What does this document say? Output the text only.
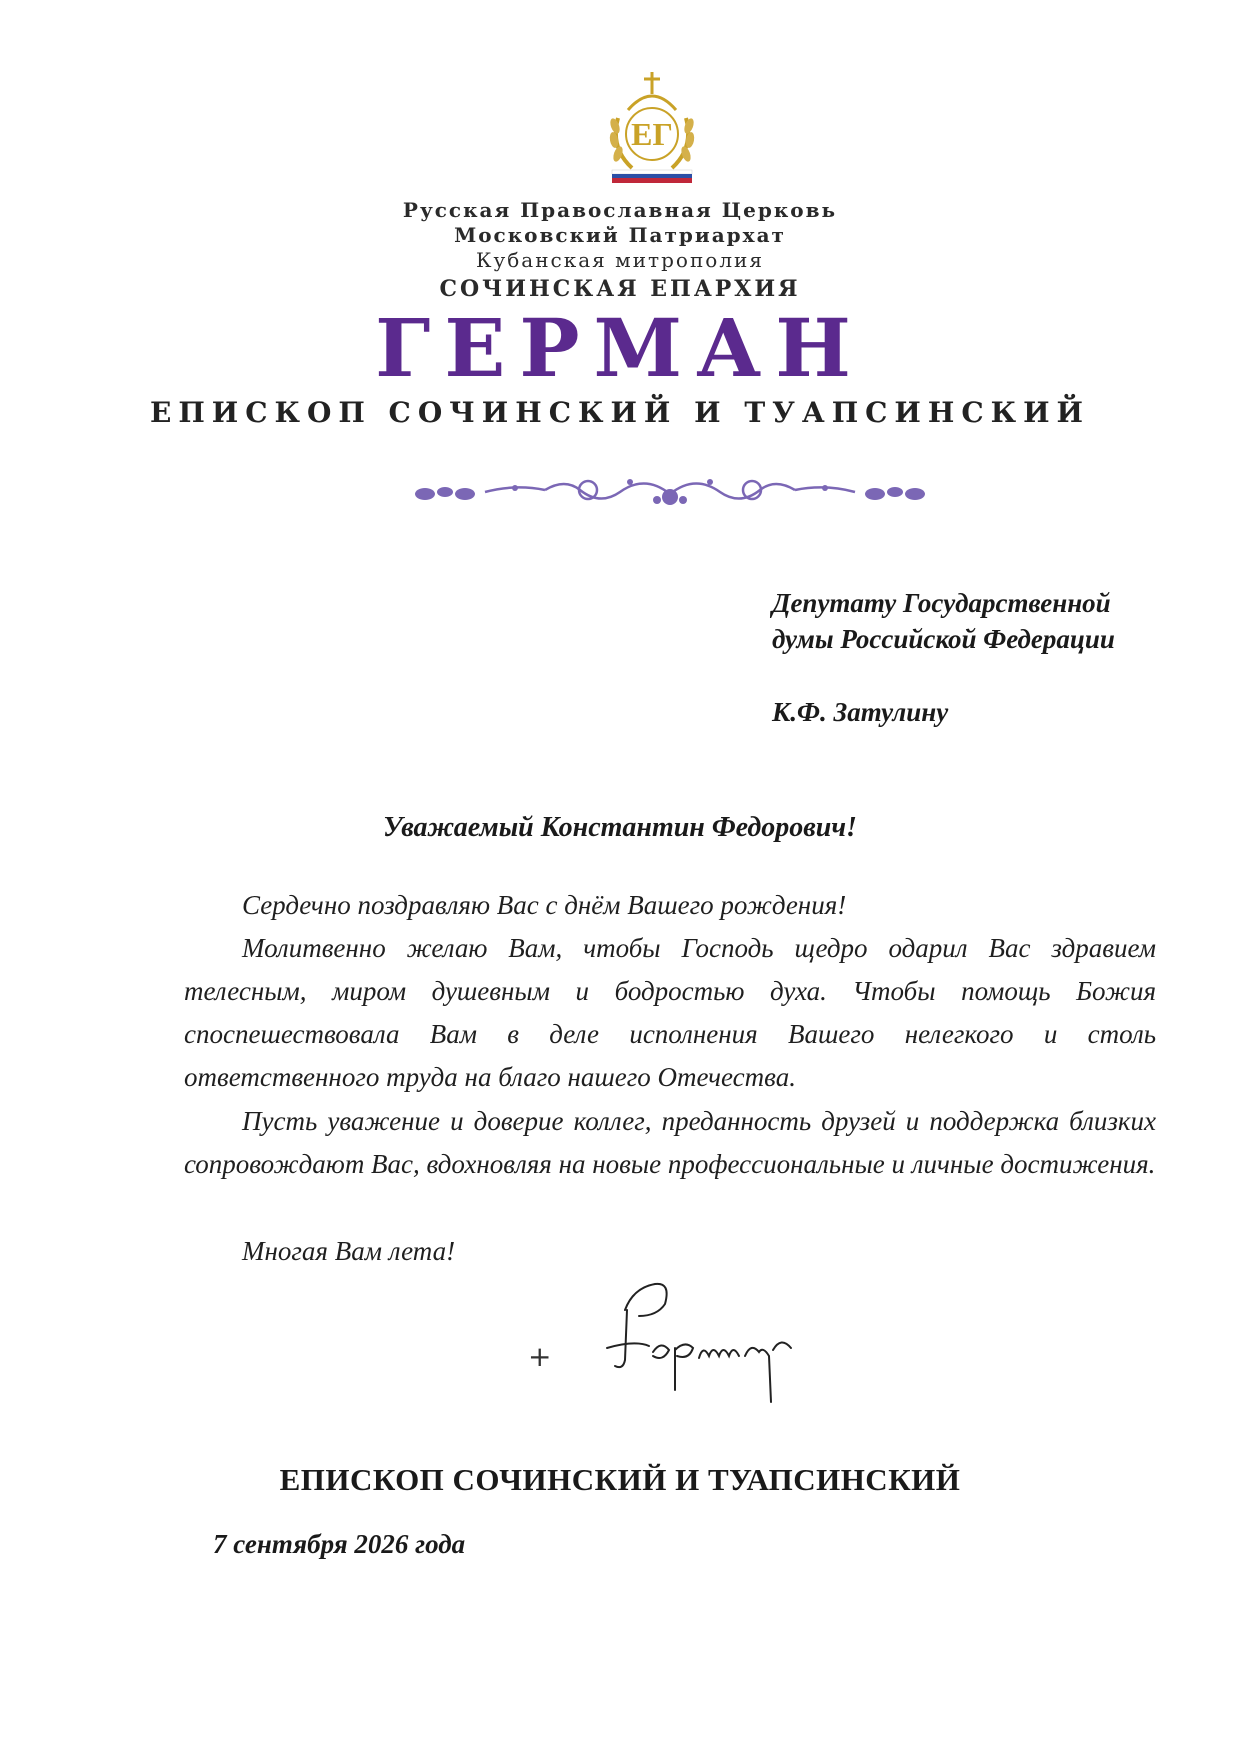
ЕГ
Русская Православная Церковь
Московский Патриархат
Кубанская митрополия
СОЧИНСКАЯ ЕПАРХИЯ
ГЕРМАН
ЕПИСКОП СОЧИНСКИЙ И ТУАПСИНСКИЙ
Депутату Государственной
думы Российской Федерации
К.Ф. Затулину
Уважаемый Константин Федорович!

Сердечно поздравляю Вас с днём Вашего рождения!

Молитвенно желаю Вам, чтобы Господь щедро одарил Вас здравием телесным, миром душевным и бодростью духа. Чтобы помощь Божия споспешествовала Вам в деле исполнения Вашего нелегкого и столь ответственного труда на благо нашего Отечества.

Пусть уважение и доверие коллег, преданность друзей и поддержка близких сопровождают Вас, вдохновляя на новые профессиональные и личные достижения.

Многая Вам лета!

+
ЕПИСКОП СОЧИНСКИЙ И ТУАПСИНСКИЙ
7 сентября 2026 года
